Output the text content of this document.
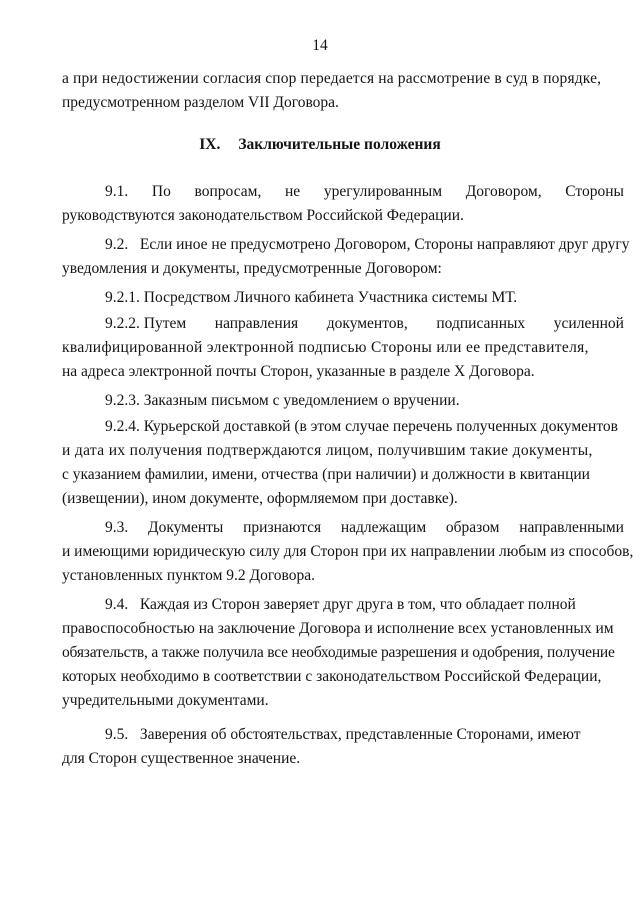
14
а при недостижении согласия спор передается на рассмотрение в суд в порядке,
предусмотренном разделом VII Договора.
IX. Заключительные положения
9.1. По вопросам, не урегулированным Договором, Стороны
руководствуются законодательством Российской Федерации.
9.2.   Если иное не предусмотрено Договором, Стороны направляют друг другу
уведомления и документы, предусмотренные Договором:
9.2.1. Посредством Личного кабинета Участника системы МТ.
9.2.2. Путем направления документов, подписанных усиленной
квалифицированной электронной подписью Стороны или ее представителя,
на адреса электронной почты Сторон, указанные в разделе X Договора.
9.2.3. Заказным письмом с уведомлением о вручении.
9.2.4. Курьерской доставкой (в этом случае перечень полученных документов
и дата их получения подтверждаются лицом, получившим такие документы,
с указанием фамилии, имени, отчества (при наличии) и должности в квитанции
(извещении), ином документе, оформляемом при доставке).
9.3. Документы признаются надлежащим образом направленными
и имеющими юридическую силу для Сторон при их направлении любым из способов,
установленных пунктом 9.2 Договора.
9.4.   Каждая из Сторон заверяет друг друга в том, что обладает полной
правоспособностью на заключение Договора и исполнение всех установленных им
обязательств, а также получила все необходимые разрешения и одобрения, получение
которых необходимо в соответствии с законодательством Российской Федерации,
учредительными документами.
9.5.   Заверения об обстоятельствах, представленные Сторонами, имеют
для Сторон существенное значение.
